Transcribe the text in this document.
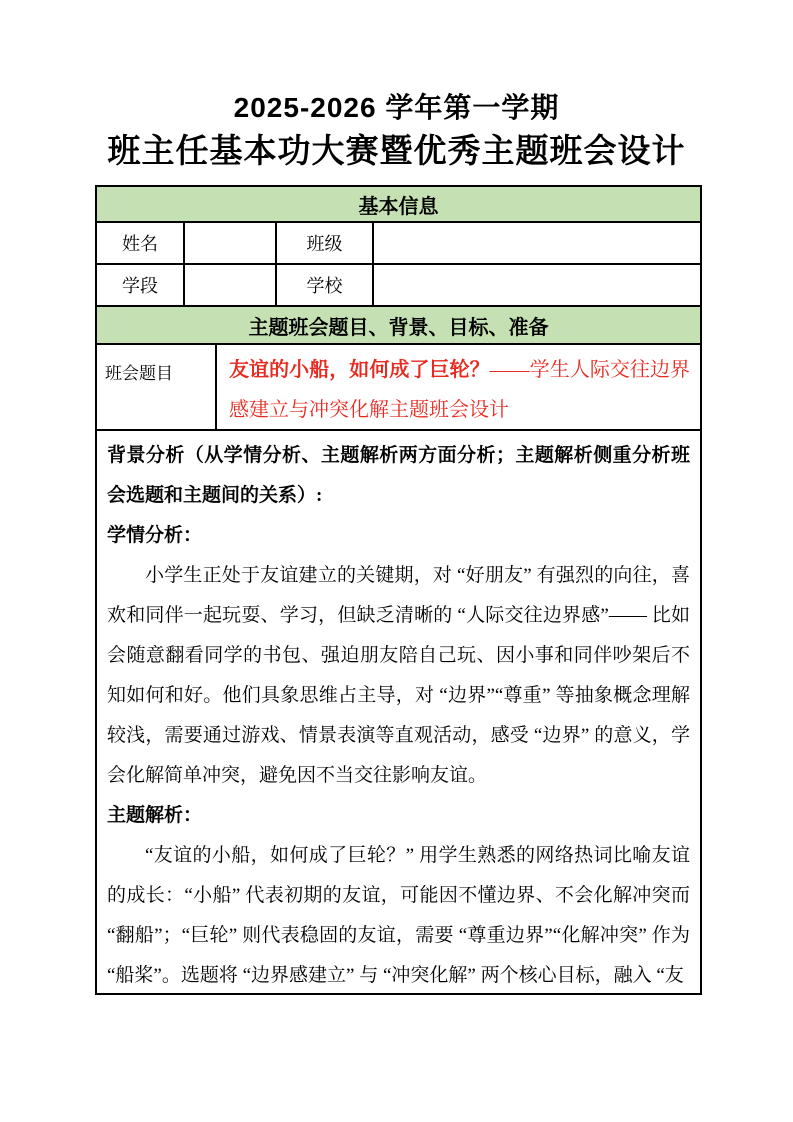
2025-2026 学年第一学期
班主任基本功大赛暨优秀主题班会设计
基本信息
姓名	班级
学段	学校
主题班会题目、背景、目标、准备
班会题目	友谊的小船，如何成了巨轮？——学生人际交往边界感建立与冲突化解主题班会设计

背景分析（从学情分析、主题解析两方面分析；主题解析侧重分析班会选题和主题间的关系）:

学情分析：

小学生正处于友谊建立的关键期，对 “好朋友” 有强烈的向往，喜欢和同伴一起玩耍、学习，但缺乏清晰的 “人际交往边界感”—— 比如会随意翻看同学的书包、强迫朋友陪自己玩、因小事和同伴吵架后不知如何和好。他们具象思维占主导，对 “边界”“尊重” 等抽象概念理解较浅，需要通过游戏、情景表演等直观活动，感受 “边界” 的意义，学会化解简单冲突，避免因不当交往影响友谊。

主题解析：

“友谊的小船，如何成了巨轮？” 用学生熟悉的网络热词比喻友谊的成长：“小船” 代表初期的友谊，可能因不懂边界、不会化解冲突而 “翻船”；“巨轮” 则代表稳固的友谊，需要 “尊重边界”“化解冲突” 作为 “船桨”。选题将 “边界感建立” 与 “冲突化解” 两个核心目标，融入 “友
